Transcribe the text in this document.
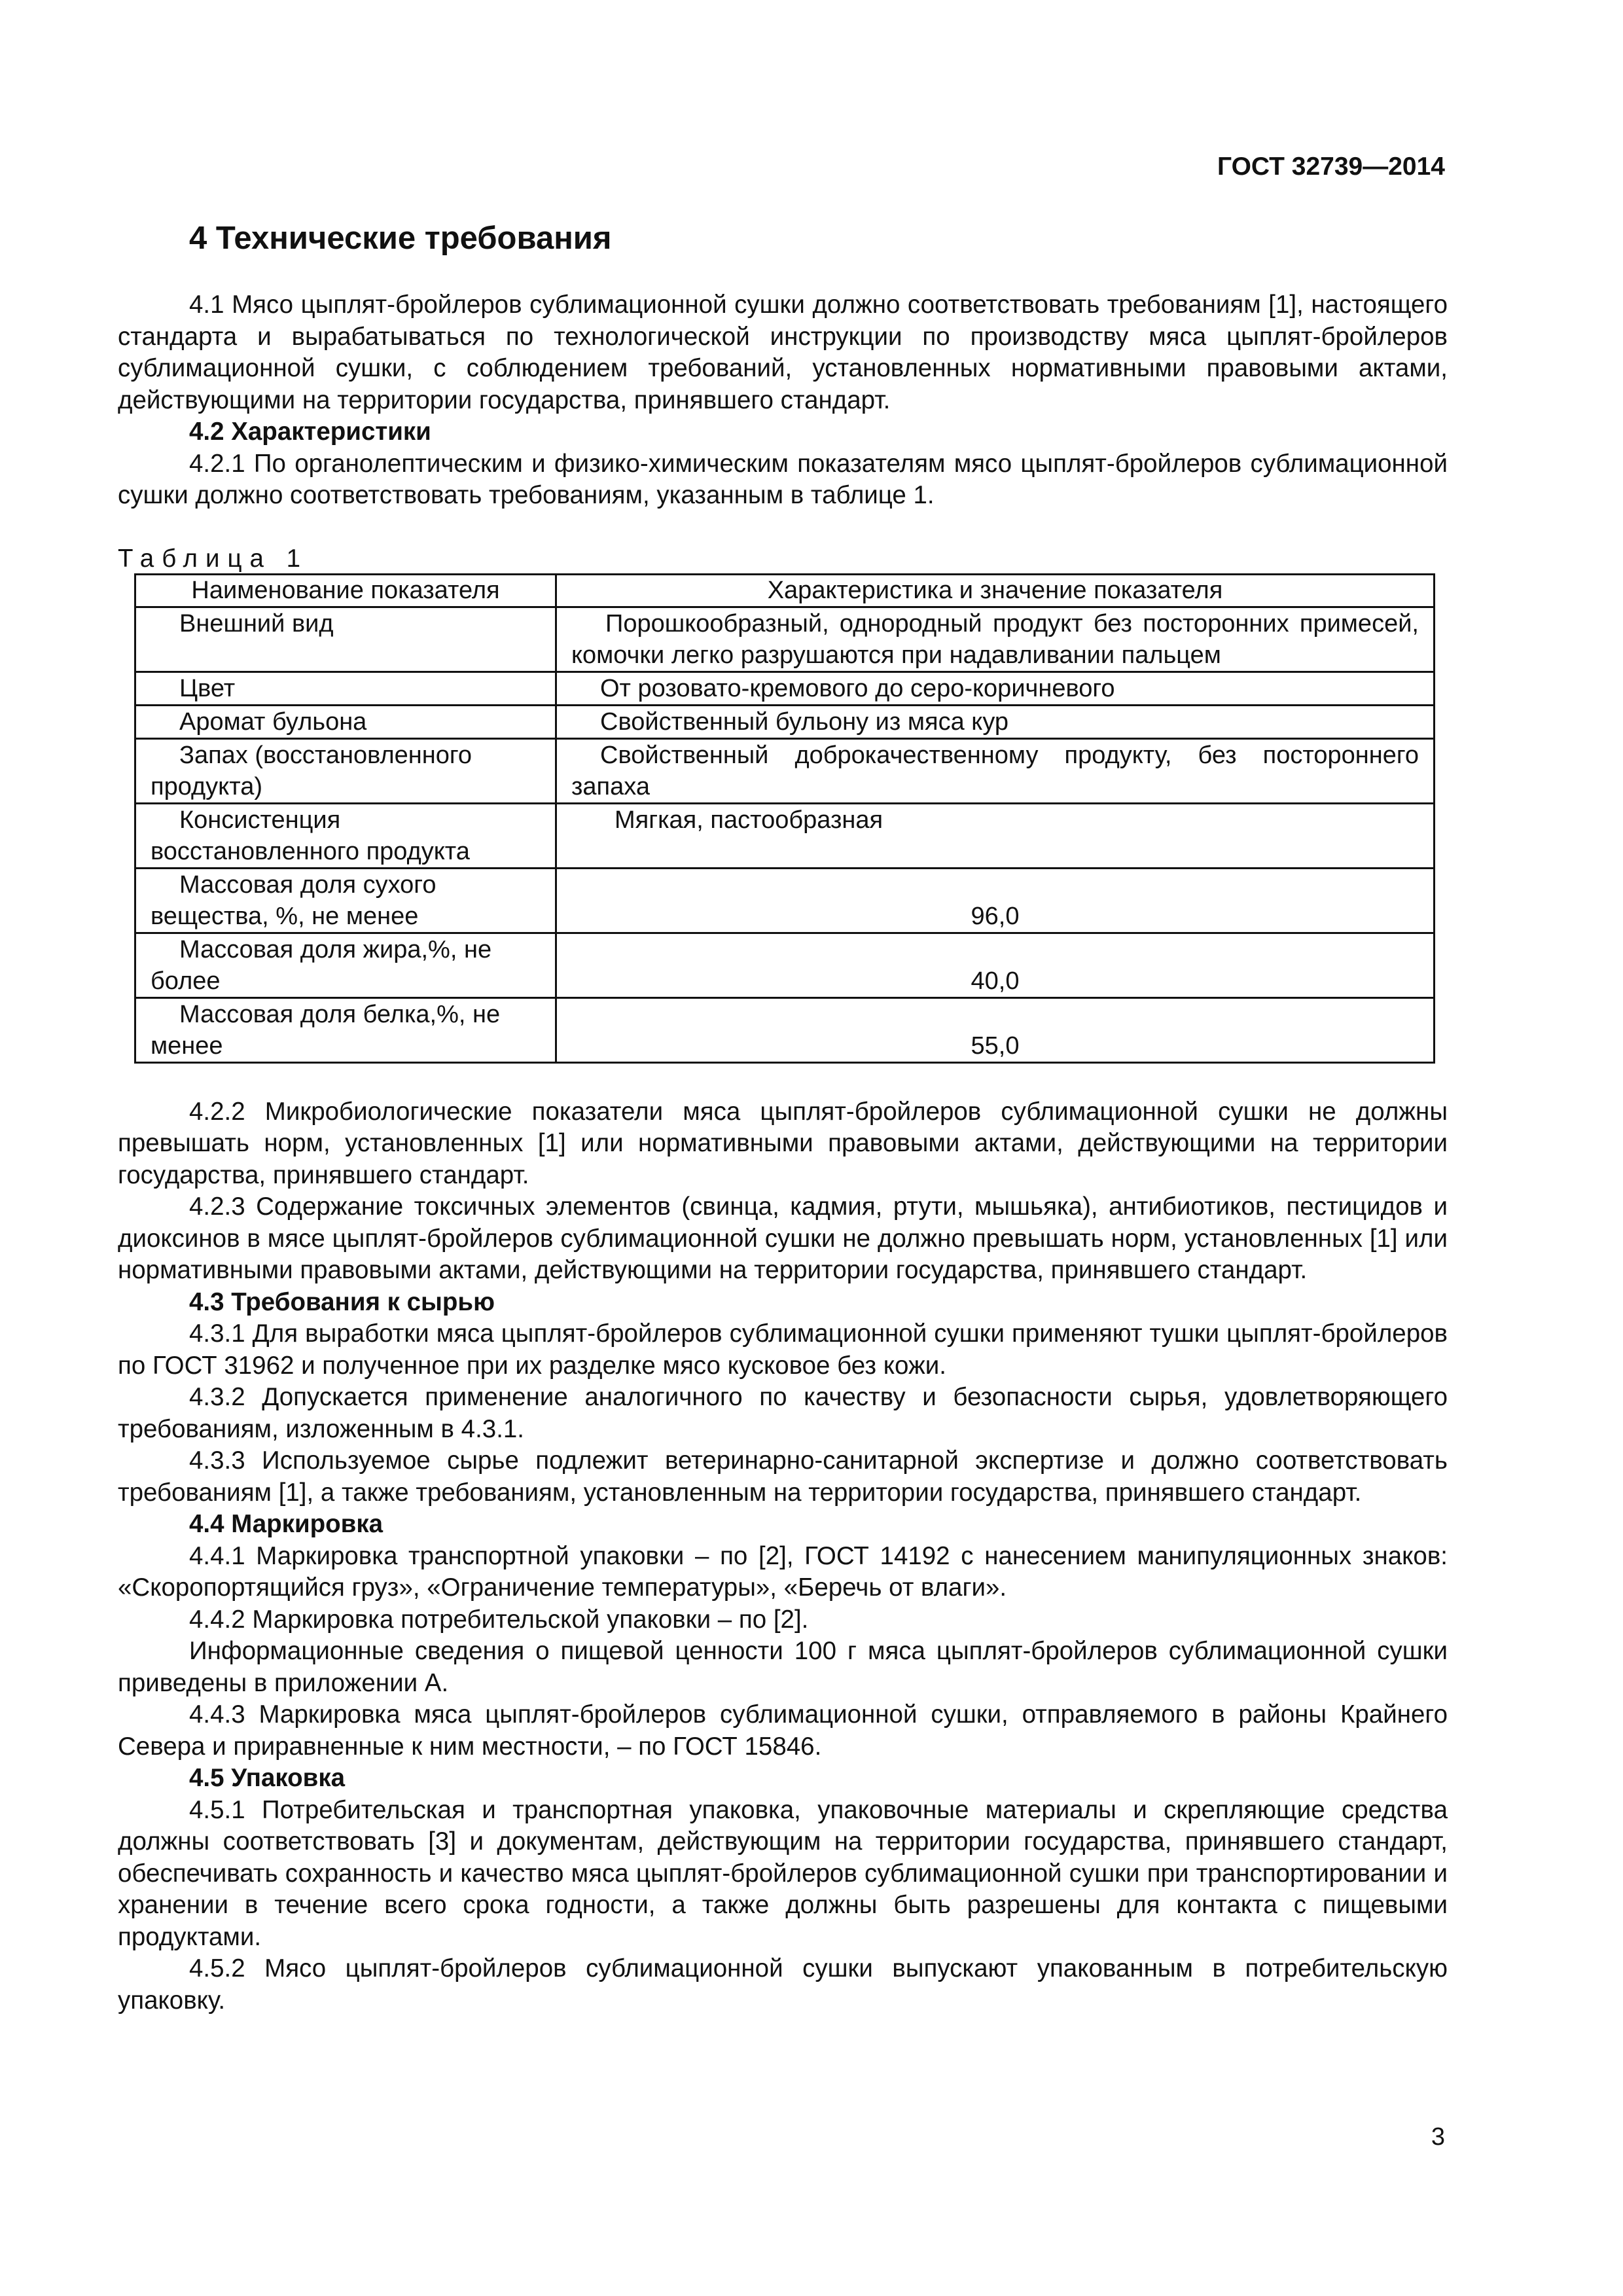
ГОСТ 32739—2014
4 Технические требования

4.1 Мясо цыплят-бройлеров сублимационной сушки должно соответствовать требованиям [1], настоящего стандарта и вырабатываться по технологической инструкции по производству мяса цыплят-бройлеров сублимационной сушки, с соблюдением требований, установленных нормативными правовыми актами, действующими на территории государства, принявшего стандарт.

4.2 Характеристики

4.2.1 По органолептическим и физико-химическим показателям мясо цыплят-бройлеров сублимационной сушки должно соответствовать требованиям, указанным в таблице 1.

Таблица 1
Наименование показателя	Характеристика и значение показателя

Внешний вид	Порошкообразный, однородный продукт без посторонних примесей, комочки легко разрушаются при надавливании пальцем

Цвет	От розовато-кремового до серо-коричневого

Аромат бульона	Свойственный бульону из мяса кур

Запах (восстановленного продукта)	Свойственный доброкачественному продукту, без постороннего запаха

Консистенция восстановленного продукта	Мягкая, пастообразная

Массовая доля сухого вещества, %, не менее	96,0

Массовая доля жира,%, не более	40,0

Массовая доля белка,%, не менее	55,0

4.2.2 Микробиологические показатели мяса цыплят-бройлеров сублимационной сушки не должны превышать норм, установленных [1] или нормативными правовыми актами, действующими на территории государства, принявшего стандарт.

4.2.3 Содержание токсичных элементов (свинца, кадмия, ртути, мышьяка), антибиотиков, пестицидов и диоксинов в мясе цыплят-бройлеров сублимационной сушки не должно превышать норм, установленных [1] или нормативными правовыми актами, действующими на территории государства, принявшего стандарт.

4.3 Требования к сырью

4.3.1 Для выработки мяса цыплят-бройлеров сублимационной сушки применяют тушки цыплят-бройлеров по ГОСТ 31962 и полученное при их разделке мясо кусковое без кожи.

4.3.2 Допускается применение аналогичного по качеству и безопасности сырья, удовлетворяющего требованиям, изложенным в 4.3.1.

4.3.3 Используемое сырье подлежит ветеринарно-санитарной экспертизе и должно соответствовать требованиям [1], а также требованиям, установленным на территории государства, принявшего стандарт.

4.4 Маркировка

4.4.1 Маркировка транспортной упаковки – по [2], ГОСТ 14192 с нанесением манипуляционных знаков: «Скоропортящийся груз», «Ограничение температуры», «Беречь от влаги».

4.4.2 Маркировка потребительской упаковки – по [2].

Информационные сведения о пищевой ценности 100 г мяса цыплят-бройлеров сублимационной сушки приведены в приложении А.

4.4.3 Маркировка мяса цыплят-бройлеров сублимационной сушки, отправляемого в районы Крайнего Севера и приравненные к ним местности, – по ГОСТ 15846.

4.5 Упаковка

4.5.1 Потребительская и транспортная упаковка, упаковочные материалы и скрепляющие средства должны соответствовать [3] и документам, действующим на территории государства, принявшего стандарт, обеспечивать сохранность и качество мяса цыплят-бройлеров сублимационной сушки при транспортировании и хранении в течение всего срока годности, а также должны быть разрешены для контакта с пищевыми продуктами.

4.5.2 Мясо цыплят-бройлеров сублимационной сушки выпускают упакованным в потребительскую упаковку.

3
